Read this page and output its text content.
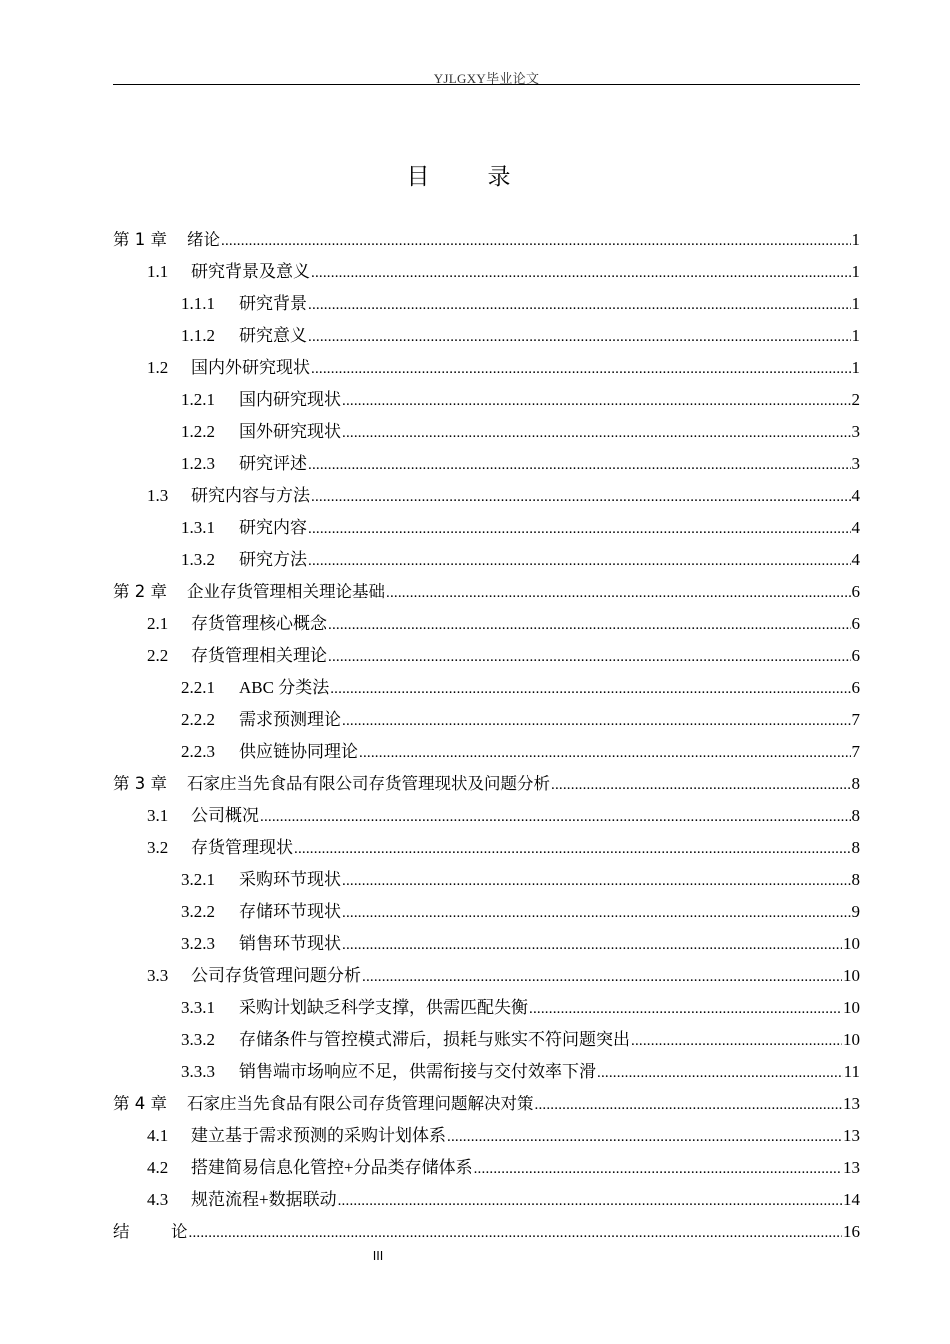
YJLGXY毕业论文
目录
第 1 章	绪论 .....	1
1.1	研究背景及意义 .....	1
1.1.1	研究背景 .....	1
1.1.2	研究意义 .....	1
1.2	国内外研究现状 .....	1
1.2.1	国内研究现状 .....	2
1.2.2	国外研究现状 .....	3
1.2.3	研究评述 .....	3
1.3	研究内容与方法 .....	4
1.3.1	研究内容 .....	4
1.3.2	研究方法 .....	4
第 2 章	企业存货管理相关理论基础 .....	6
2.1	存货管理核心概念 .....	6
2.2	存货管理相关理论 .....	6
2.2.1	ABC 分类法 .....	6
2.2.2	需求预测理论 .....	7
2.2.3	供应链协同理论 .....	7
第 3 章	石家庄当先食品有限公司存货管理现状及问题分析 .....	8
3.1	公司概况 .....	8
3.2	存货管理现状 .....	8
3.2.1	采购环节现状 .....	8
3.2.2	存储环节现状 .....	9
3.2.3	销售环节现状 .....	10
3.3	公司存货管理问题分析 .....	10
3.3.1	采购计划缺乏科学支撑，供需匹配失衡 .....	10
3.3.2	存储条件与管控模式滞后，损耗与账实不符问题突出 .....	10
3.3.3	销售端市场响应不足，供需衔接与交付效率下滑 .....	11
第 4 章	石家庄当先食品有限公司存货管理问题解决对策 .....	13
4.1	建立基于需求预测的采购计划体系 .....	13
4.2	搭建简易信息化管控+分品类存储体系 .....	13
4.3	规范流程+数据联动 .....	14
结	论 .....	16
III
